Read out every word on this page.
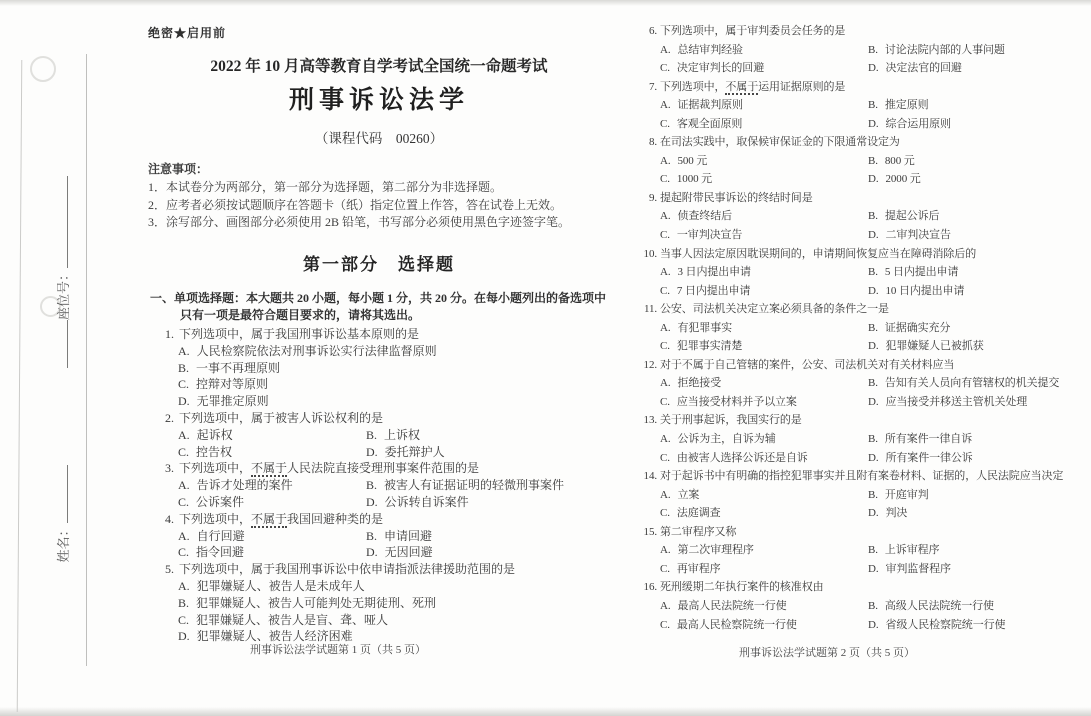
座位号：
姓名：
绝密★启用前
2022 年 10 月高等教育自学考试全国统一命题考试
刑事诉讼法学
（课程代码　00260）
注意事项：
1．本试卷分为两部分，第一部分为选择题，第二部分为非选择题。
2．应考者必须按试题顺序在答题卡（纸）指定位置上作答，答在试卷上无效。
3．涂写部分、画图部分必须使用 2B 铅笔，书写部分必须使用黑色字迹签字笔。
第一部分　选择题
一、单项选择题：本大题共 20 小题，每小题 1 分，共 20 分。在每小题列出的备选项中
只有一项是最符合题目要求的，请将其选出。
1. 下列选项中，属于我国刑事诉讼基本原则的是
A. 人民检察院依法对刑事诉讼实行法律监督原则
B. 一事不再理原则
C. 控辩对等原则
D. 无罪推定原则
2. 下列选项中，属于被害人诉讼权利的是
A. 起诉权	B. 上诉权
C. 控告权	D. 委托辩护人
3. 下列选项中，不属于人民法院直接受理刑事案件范围的是
A. 告诉才处理的案件	B. 被害人有证据证明的轻微刑事案件
C. 公诉案件	D. 公诉转自诉案件
4. 下列选项中，不属于我国回避种类的是
A. 自行回避	B. 申请回避
C. 指令回避	D. 无因回避
5. 下列选项中，属于我国刑事诉讼中依申请指派法律援助范围的是
A. 犯罪嫌疑人、被告人是未成年人
B. 犯罪嫌疑人、被告人可能判处无期徒刑、死刑
C. 犯罪嫌疑人、被告人是盲、聋、哑人
D. 犯罪嫌疑人、被告人经济困难
6. 下列选项中，属于审判委员会任务的是
A. 总结审判经验	B. 讨论法院内部的人事问题
C. 决定审判长的回避	D. 决定法官的回避
7. 下列选项中，不属于运用证据原则的是
A. 证据裁判原则	B. 推定原则
C. 客观全面原则	D. 综合运用原则
8. 在司法实践中，取保候审保证金的下限通常设定为
A. 500 元	B. 800 元
C. 1000 元	D. 2000 元
9. 提起附带民事诉讼的终结时间是
A. 侦查终结后	B. 提起公诉后
C. 一审判决宣告	D. 二审判决宣告
10. 当事人因法定原因耽误期间的，申请期间恢复应当在障碍消除后的
A. 3 日内提出申请	B. 5 日内提出申请
C. 7 日内提出申请	D. 10 日内提出申请
11. 公安、司法机关决定立案必须具备的条件之一是
A. 有犯罪事实	B. 证据确实充分
C. 犯罪事实清楚	D. 犯罪嫌疑人已被抓获
12. 对于不属于自己管辖的案件，公安、司法机关对有关材料应当
A. 拒绝接受	B. 告知有关人员向有管辖权的机关提交
C. 应当接受材料并予以立案	D. 应当接受并移送主管机关处理
13. 关于刑事起诉，我国实行的是
A. 公诉为主，自诉为辅	B. 所有案件一律自诉
C. 由被害人选择公诉还是自诉	D. 所有案件一律公诉
14. 对于起诉书中有明确的指控犯罪事实并且附有案卷材料、证据的，人民法院应当决定
A. 立案	B. 开庭审判
C. 法庭调查	D. 判决
15. 第二审程序又称
A. 第二次审理程序	B. 上诉审程序
C. 再审程序	D. 审判监督程序
16. 死刑缓期二年执行案件的核准权由
A. 最高人民法院统一行使	B. 高级人民法院统一行使
C. 最高人民检察院统一行使	D. 省级人民检察院统一行使
刑事诉讼法学试题第 1 页（共 5 页）	刑事诉讼法学试题第 2 页（共 5 页）
